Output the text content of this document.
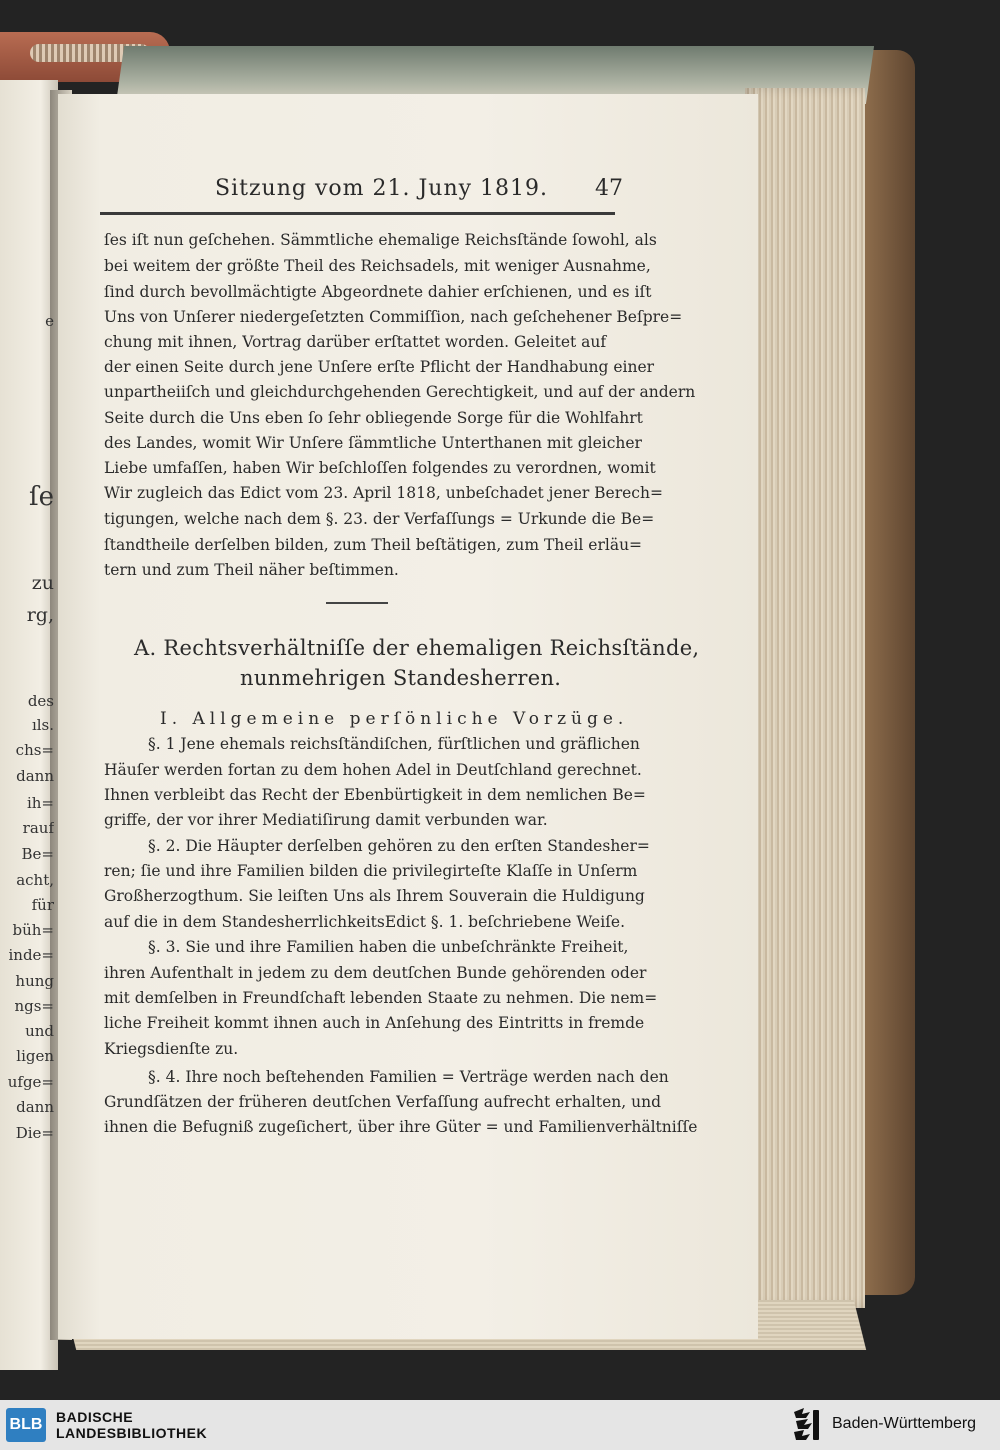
e
ſe
zu
rg,
des
ıls.
chs=
dann
ih=
rauf
Be=
acht,
für
büh=
inde=
hung
ngs=
und
ligen
ufge=
dann
Die=
Sitzung vom 21. Juny 1819. 47
ſes iſt nun geſchehen. Sämmtliche ehemalige Reichsſtände ſowohl, als
bei weitem der größte Theil des Reichsadels, mit weniger Ausnahme,
ſind durch bevollmächtigte Abgeordnete dahier erſchienen, und es iſt
Uns von Unſerer niedergeſetzten Commiſſion, nach geſchehener Beſpre=
chung mit ihnen, Vortrag darüber erſtattet worden. Geleitet auf
der einen Seite durch jene Unſere erſte Pflicht der Handhabung einer
unpartheiiſch und gleichdurchgehenden Gerechtigkeit, und auf der andern
Seite durch die Uns eben ſo ſehr obliegende Sorge für die Wohlfahrt
des Landes, womit Wir Unſere ſämmtliche Unterthanen mit gleicher
Liebe umfaſſen, haben Wir beſchloſſen folgendes zu verordnen, womit
Wir zugleich das Edict vom 23. April 1818, unbeſchadet jener Berech=
tigungen, welche nach dem §. 23. der Verfaſſungs = Urkunde die Be=
ſtandtheile derſelben bilden, zum Theil beſtätigen, zum Theil erläu=
tern und zum Theil näher beſtimmen.
A. Rechtsverhältniſſe der ehemaligen Reichsſtände,
nunmehrigen Standesherren.
I. Allgemeine perſönliche Vorzüge.
§. 1 Jene ehemals reichsſtändiſchen, fürſtlichen und gräflichen
Häuſer werden fortan zu dem hohen Adel in Deutſchland gerechnet.
Ihnen verbleibt das Recht der Ebenbürtigkeit in dem nemlichen Be=
griffe, der vor ihrer Mediatiſirung damit verbunden war.
§. 2. Die Häupter derſelben gehören zu den erſten Standesher=
ren; ſie und ihre Familien bilden die privilegirteſte Klaſſe in Unſerm
Großherzogthum. Sie leiſten Uns als Ihrem Souverain die Huldigung
auf die in dem StandesherrlichkeitsEdict §. 1. beſchriebene Weiſe.
§. 3. Sie und ihre Familien haben die unbeſchränkte Freiheit,
ihren Aufenthalt in jedem zu dem deutſchen Bunde gehörenden oder
mit demſelben in Freundſchaft lebenden Staate zu nehmen. Die nem=
liche Freiheit kommt ihnen auch in Anſehung des Eintritts in fremde
Kriegsdienſte zu.
§. 4. Ihre noch beſtehenden Familien = Verträge werden nach den
Grundſätzen der früheren deutſchen Verfaſſung aufrecht erhalten, und
ihnen die Befugniß zugeſichert, über ihre Güter = und Familienverhältniſſe
BLB BADISCHE
LANDESBIBLIOTHEK
Baden-Württemberg
